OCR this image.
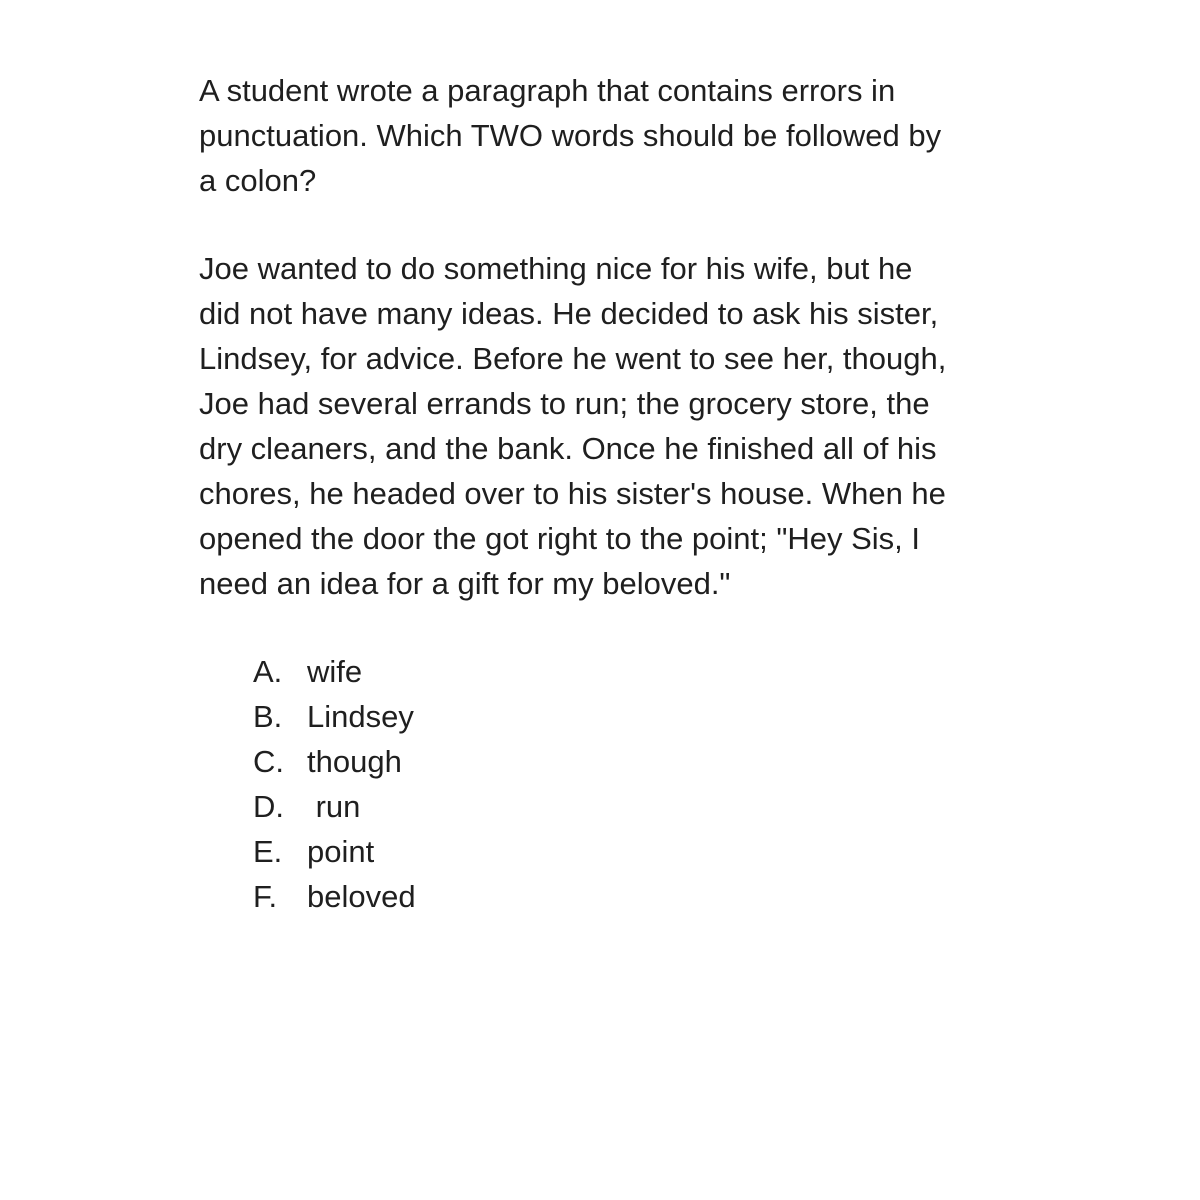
A student wrote a paragraph that contains errors in
punctuation. Which TWO words should be followed by
a colon?

Joe wanted to do something nice for his wife, but he
did not have many ideas. He decided to ask his sister,
Lindsey, for advice. Before he went to see her, though,
Joe had several errands to run; the grocery store, the
dry cleaners, and the bank. Once he finished all of his
chores, he headed over to his sister's house. When he
opened the door the got right to the point; "Hey Sis, I
need an idea for a gift for my beloved."

A. wife
B. Lindsey
C. though
D. run
E. point
F. beloved
